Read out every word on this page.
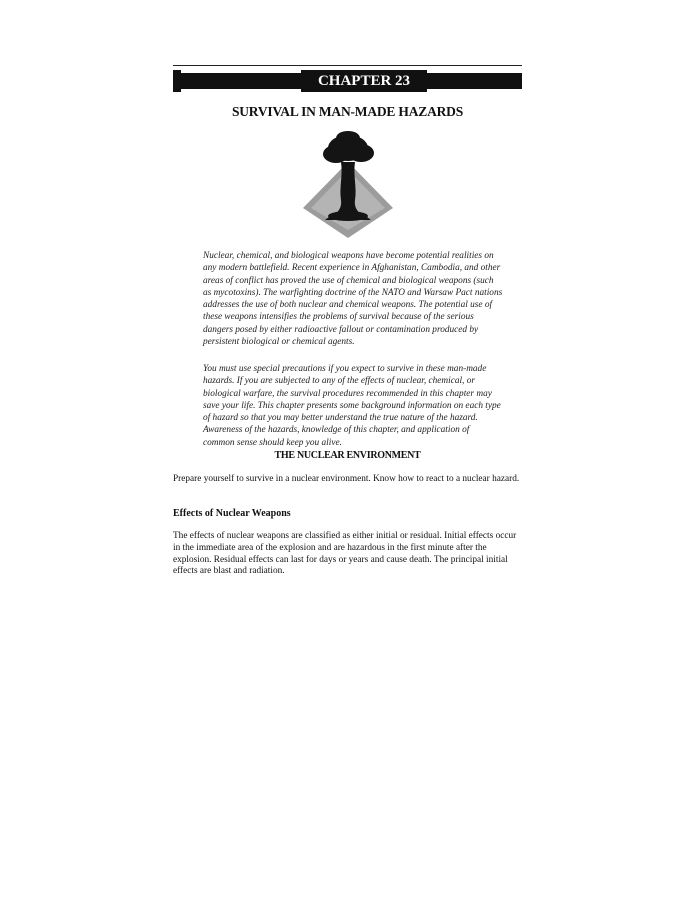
CHAPTER 23
SURVIVAL IN MAN-MADE HAZARDS

Nuclear, chemical, and biological weapons have become potential realities on any modern battlefield. Recent experience in Afghanistan, Cambodia, and other areas of conflict has proved the use of chemical and biological weapons (such as mycotoxins). The warfighting doctrine of the NATO and Warsaw Pact nations addresses the use of both nuclear and chemical weapons. The potential use of these weapons intensifies the problems of survival because of the serious dangers posed by either radioactive fallout or contamination produced by persistent biological or chemical agents.

You must use special precautions if you expect to survive in these man-made hazards. If you are subjected to any of the effects of nuclear, chemical, or biological warfare, the survival procedures recommended in this chapter may save your life. This chapter presents some background information on each type of hazard so that you may better understand the true nature of the hazard. Awareness of the hazards, knowledge of this chapter, and application of common sense should keep you alive.

THE NUCLEAR ENVIRONMENT

Prepare yourself to survive in a nuclear environment. Know how to react to a nuclear hazard.

Effects of Nuclear Weapons

The effects of nuclear weapons are classified as either initial or residual. Initial effects occur in the immediate area of the explosion and are hazardous in the first minute after the explosion. Residual effects can last for days or years and cause death. The principal initial effects are blast and radiation.
